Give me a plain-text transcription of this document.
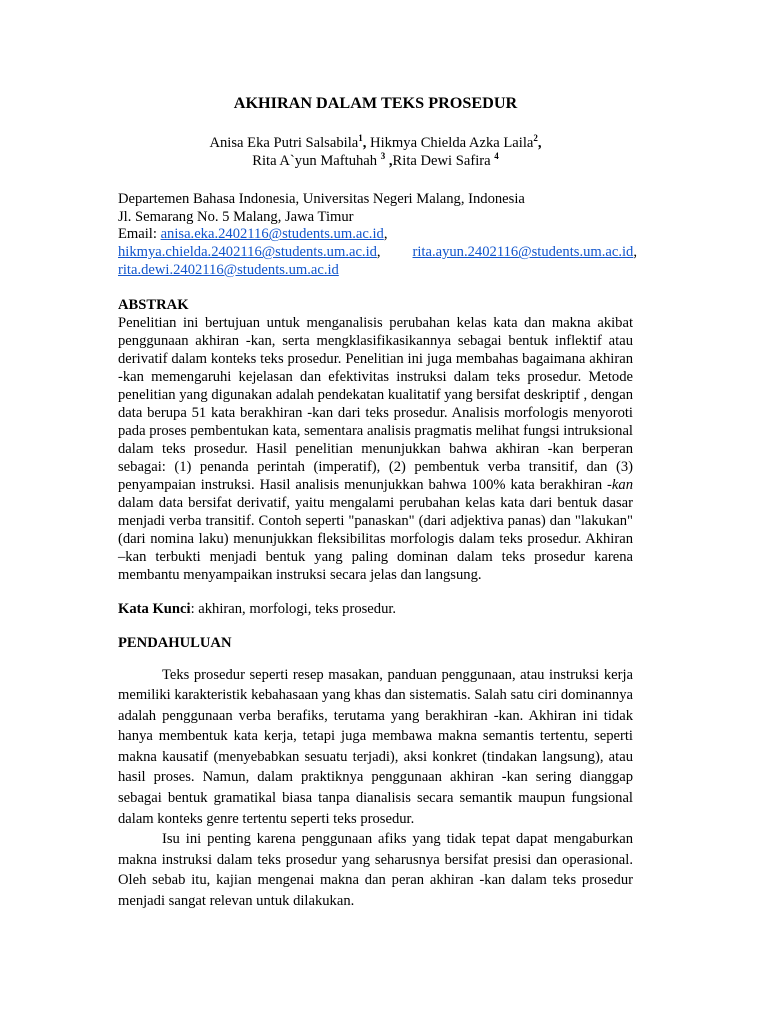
AKHIRAN DALAM TEKS PROSEDUR
Anisa Eka Putri Salsabila$^1$, Hikmya Chielda Azka Laila$^2$,
Rita A`yun Maftuhah $^3$ ,Rita Dewi Safira $^4$
Departemen Bahasa Indonesia, Universitas Negeri Malang, Indonesia
Jl. Semarang No. 5 Malang, Jawa Timur
Email: anisa.eka.2402116@students.um.ac.id,
hikmya.chielda.2402116@students.um.ac.id, rita.ayun.2402116@students.um.ac.id,
rita.dewi.2402116@students.um.ac.id
ABSTRAK

Penelitian ini bertujuan untuk menganalisis perubahan kelas kata dan makna akibat penggunaan akhiran -kan, serta mengklasifikasikannya sebagai bentuk inflektif atau derivatif dalam konteks teks prosedur. Penelitian ini juga membahas bagaimana akhiran -kan memengaruhi kejelasan dan efektivitas instruksi dalam teks prosedur. Metode penelitian yang digunakan adalah pendekatan kualitatif yang bersifat deskriptif , dengan data berupa 51 kata berakhiran -kan dari teks prosedur. Analisis morfologis menyoroti pada proses pembentukan kata, sementara analisis pragmatis melihat fungsi intruksional dalam teks prosedur. Hasil penelitian menunjukkan bahwa akhiran -kan berperan sebagai: (1) penanda perintah (imperatif), (2) pembentuk verba transitif, dan (3) penyampaian instruksi. Hasil analisis menunjukkan bahwa 100% kata berakhiran -kan dalam data bersifat derivatif, yaitu mengalami perubahan kelas kata dari bentuk dasar menjadi verba transitif. Contoh seperti "panaskan" (dari adjektiva panas) dan "lakukan" (dari nomina laku) menunjukkan fleksibilitas morfologis dalam teks prosedur. Akhiran –kan terbukti menjadi bentuk yang paling dominan dalam teks prosedur karena membantu menyampaikan instruksi secara jelas dan langsung.

Kata Kunci: akhiran, morfologi, teks prosedur.
PENDAHULUAN

Teks prosedur seperti resep masakan, panduan penggunaan, atau instruksi kerja memiliki karakteristik kebahasaan yang khas dan sistematis. Salah satu ciri dominannya adalah penggunaan verba berafiks, terutama yang berakhiran -kan. Akhiran ini tidak hanya membentuk kata kerja, tetapi juga membawa makna semantis tertentu, seperti makna kausatif (menyebabkan sesuatu terjadi), aksi konkret (tindakan langsung), atau hasil proses. Namun, dalam praktiknya penggunaan akhiran -kan sering dianggap sebagai bentuk gramatikal biasa tanpa dianalisis secara semantik maupun fungsional dalam konteks genre tertentu seperti teks prosedur.

Isu ini penting karena penggunaan afiks yang tidak tepat dapat mengaburkan makna instruksi dalam teks prosedur yang seharusnya bersifat presisi dan operasional. Oleh sebab itu, kajian mengenai makna dan peran akhiran -kan dalam teks prosedur menjadi sangat relevan untuk dilakukan.
